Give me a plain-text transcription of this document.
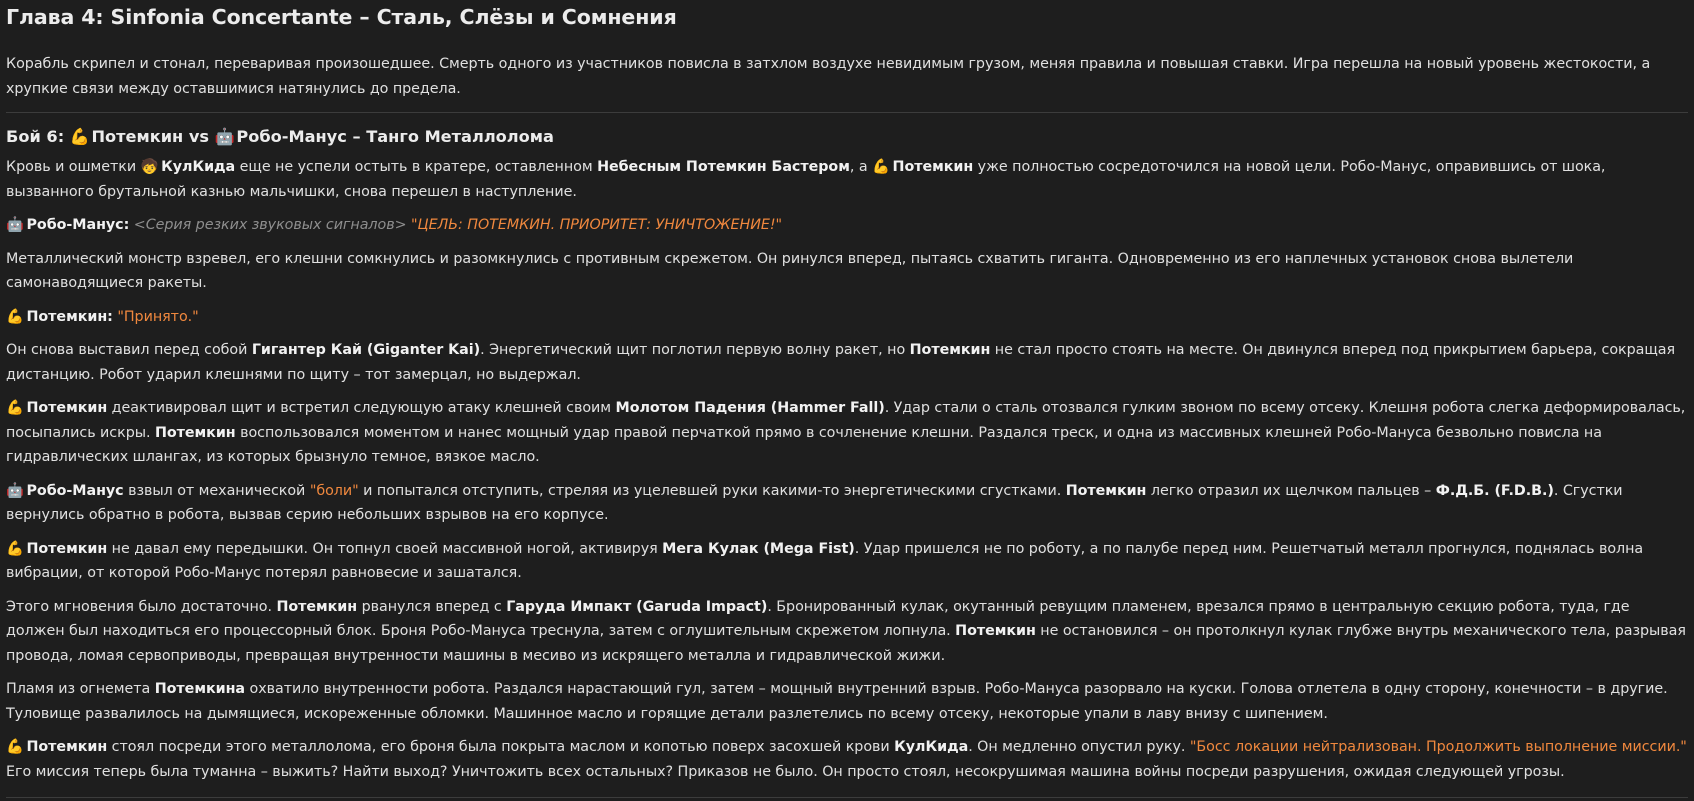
Глава 4: Sinfonia Concertante – Сталь, Слёзы и Сомнения

Корабль скрипел и стонал, переваривая произошедшее. Смерть одного из участников повисла в затхлом воздухе невидимым грузом, меняя правила и повышая ставки. Игра перешла на новый уровень жестокости, а хрупкие связи между оставшимися натянулись до предела.

Бой 6: 💪 Потемкин vs 🤖 Робо-Манус – Танго Металлолома

Кровь и ошметки 🧒 КулКида еще не успели остыть в кратере, оставленном Небесным Потемкин Бастером, а 💪 Потемкин уже полностью сосредоточился на новой цели. Робо-Манус, оправившись от шока, вызванного брутальной казнью мальчишки, снова перешел в наступление.

🤖 Робо-Манус: <Серия резких звуковых сигналов> "ЦЕЛЬ: ПОТЕМКИН. ПРИОРИТЕТ: УНИЧТОЖЕНИЕ!"

Металлический монстр взревел, его клешни сомкнулись и разомкнулись с противным скрежетом. Он ринулся вперед, пытаясь схватить гиганта. Одновременно из его наплечных установок снова вылетели самонаводящиеся ракеты.

💪 Потемкин: "Принято."

Он снова выставил перед собой Гигантер Кай (Giganter Kai). Энергетический щит поглотил первую волну ракет, но Потемкин не стал просто стоять на месте. Он двинулся вперед под прикрытием барьера, сокращая дистанцию. Робот ударил клешнями по щиту – тот замерцал, но выдержал.

💪 Потемкин деактивировал щит и встретил следующую атаку клешней своим Молотом Падения (Hammer Fall). Удар стали о сталь отозвался гулким звоном по всему отсеку. Клешня робота слегка деформировалась, посыпались искры. Потемкин воспользовался моментом и нанес мощный удар правой перчаткой прямо в сочленение клешни. Раздался треск, и одна из массивных клешней Робо-Мануса безвольно повисла на гидравлических шлангах, из которых брызнуло темное, вязкое масло.

🤖 Робо-Манус взвыл от механической "боли" и попытался отступить, стреляя из уцелевшей руки какими-то энергетическими сгустками. Потемкин легко отразил их щелчком пальцев – Ф.Д.Б. (F.D.B.). Сгустки вернулись обратно в робота, вызвав серию небольших взрывов на его корпусе.

💪 Потемкин не давал ему передышки. Он топнул своей массивной ногой, активируя Мега Кулак (Mega Fist). Удар пришелся не по роботу, а по палубе перед ним. Решетчатый металл прогнулся, поднялась волна вибрации, от которой Робо-Манус потерял равновесие и зашатался.

Этого мгновения было достаточно. Потемкин рванулся вперед с Гаруда Импакт (Garuda Impact). Бронированный кулак, окутанный ревущим пламенем, врезался прямо в центральную секцию робота, туда, где должен был находиться его процессорный блок. Броня Робо-Мануса треснула, затем с оглушительным скрежетом лопнула. Потемкин не остановился – он протолкнул кулак глубже внутрь механического тела, разрывая провода, ломая сервоприводы, превращая внутренности машины в месиво из искрящего металла и гидравлической жижи.

Пламя из огнемета Потемкина охватило внутренности робота. Раздался нарастающий гул, затем – мощный внутренний взрыв. Робо-Мануса разорвало на куски. Голова отлетела в одну сторону, конечности – в другие. Туловище развалилось на дымящиеся, искореженные обломки. Машинное масло и горящие детали разлетелись по всему отсеку, некоторые упали в лаву внизу с шипением.

💪 Потемкин стоял посреди этого металлолома, его броня была покрыта маслом и копотью поверх засохшей крови КулКида. Он медленно опустил руку. "Босс локации нейтрализован. Продолжить выполнение миссии." Его миссия теперь была туманна – выжить? Найти выход? Уничтожить всех остальных? Приказов не было. Он просто стоял, несокрушимая машина войны посреди разрушения, ожидая следующей угрозы.
